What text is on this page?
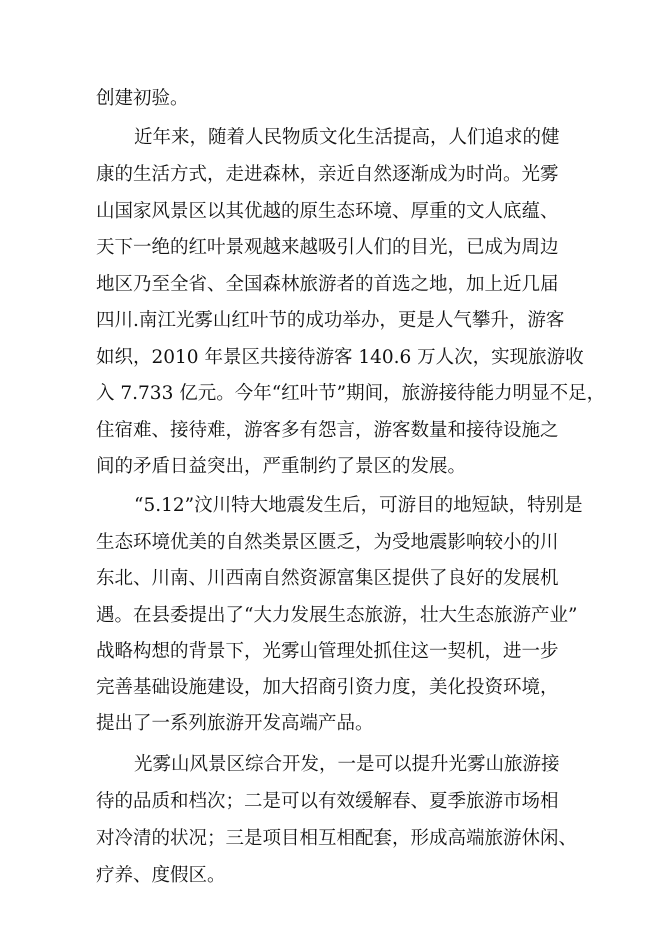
创建初验。
近年来，随着人民物质文化生活提高，人们追求的健
康的生活方式，走进森林，亲近自然逐渐成为时尚。光雾
山国家风景区以其优越的原生态环境、厚重的文人底蕴、
天下一绝的红叶景观越来越吸引人们的目光，已成为周边
地区乃至全省、全国森林旅游者的首选之地，加上近几届
四川.南江光雾山红叶节的成功举办，更是人气攀升，游客
如织，2010 年景区共接待游客 140.6 万人次，实现旅游收
入 7.733 亿元。今年“红叶节”期间，旅游接待能力明显不足，
住宿难、接待难，游客多有怨言，游客数量和接待设施之
间的矛盾日益突出，严重制约了景区的发展。
“5.12”汶川特大地震发生后，可游目的地短缺，特别是
生态环境优美的自然类景区匮乏，为受地震影响较小的川
东北、川南、川西南自然资源富集区提供了良好的发展机
遇。在县委提出了“大力发展生态旅游，壮大生态旅游产业”
战略构想的背景下，光雾山管理处抓住这一契机，进一步
完善基础设施建设，加大招商引资力度，美化投资环境，
提出了一系列旅游开发高端产品。
光雾山风景区综合开发，一是可以提升光雾山旅游接
待的品质和档次；二是可以有效缓解春、夏季旅游市场相
对冷清的状况；三是项目相互相配套，形成高端旅游休闲、
疗养、度假区。
